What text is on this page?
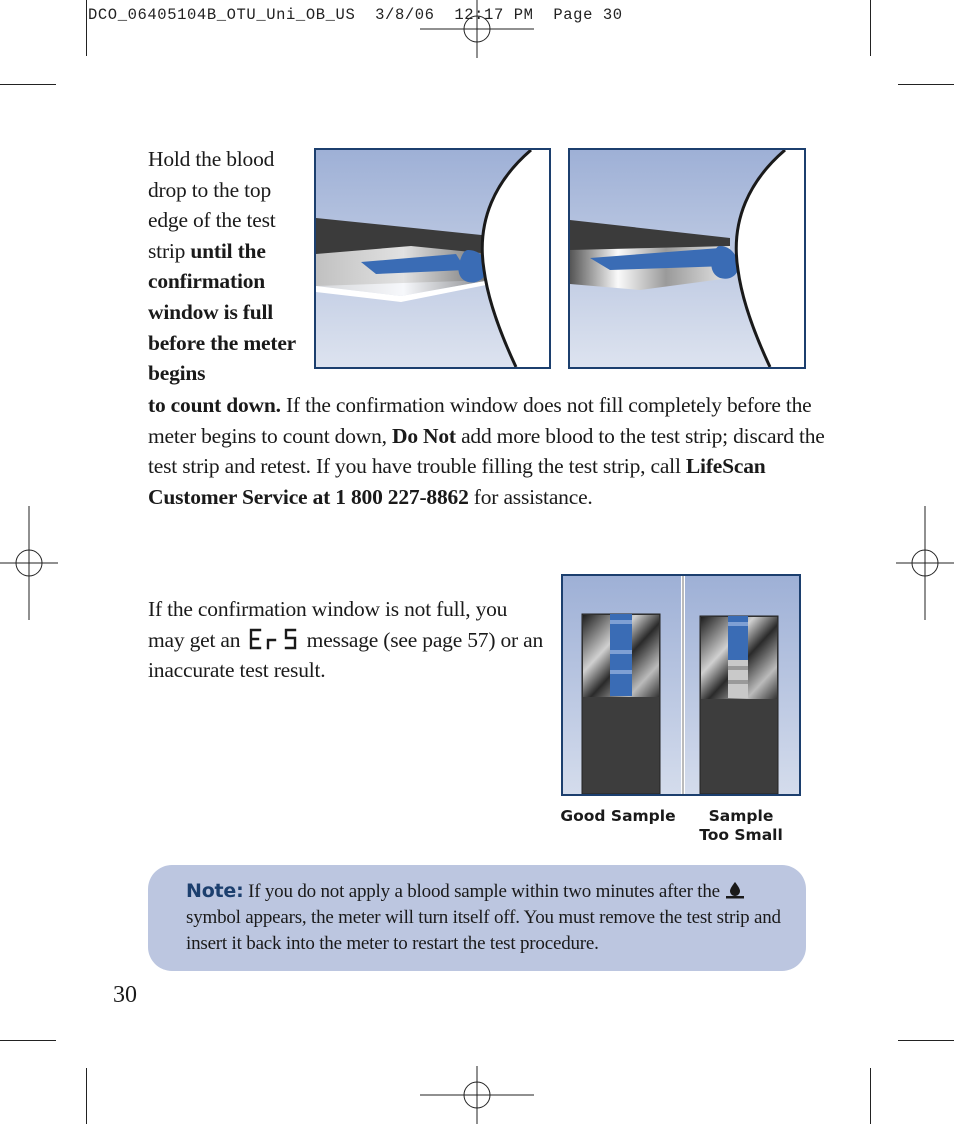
DCO_06405104B_OTU_Uni_OB_US  3/8/06  12:17 PM  Page 30
Hold the blood drop to the top edge of the test strip until the confirmation window is full before the meter begins
to count down. If the confirmation window does not fill completely before the meter begins to count down, Do Not add more blood to the test strip; discard the test strip and retest. If you have trouble filling the test strip, call LifeScan Customer Service at 1 800 227-8862 for assistance.
If the confirmation window is not full, you may get an	message (see page 57) or an inaccurate test result.
Good Sample	Sample
Too Small
Note: If you do not apply a blood sample within two minutes after the  symbol appears, the meter will turn itself off. You must remove the test strip and insert it back into the meter to restart the test procedure.
30
